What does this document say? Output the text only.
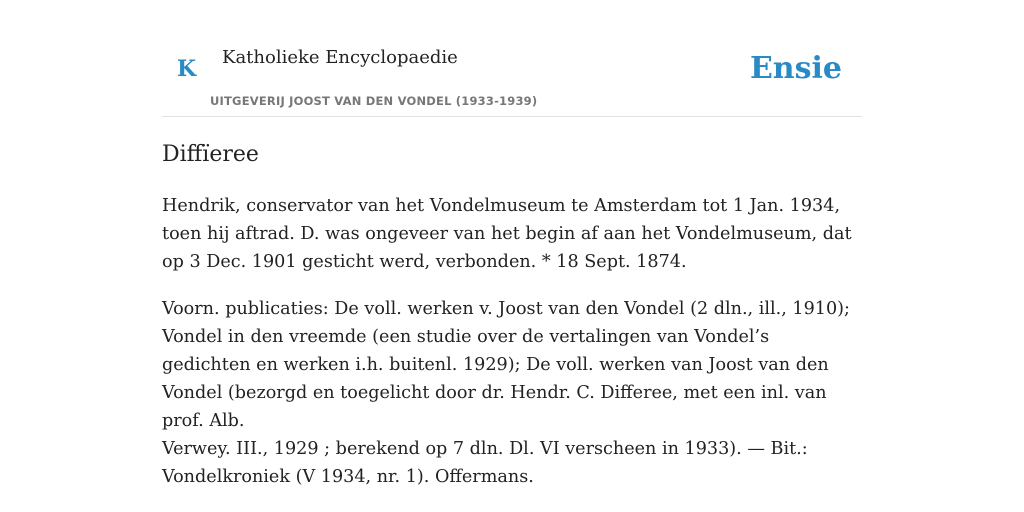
K Katholieke Encyclopaedie
UITGEVERIJ JOOST VAN DEN VONDEL (1933-1939)
Ensie
Diffïeree

Hendrik, conservator van het Vondelmuseum te Amsterdam tot 1 Jan. 1934, toen hij aftrad. D. was ongeveer van het begin af aan het Vondelmuseum, dat op 3 Dec. 1901 gesticht werd, verbonden. * 18 Sept. 1874.

Voorn. publicaties: De voll. werken v. Joost van den Vondel (2 dln., ill., 1910); Vondel in den vreemde (een studie over de vertalingen van Vondel’s gedichten en werken i.h. buitenl. 1929); De voll. werken van Joost van den Vondel (bezorgd en toegelicht door dr. Hendr. C. Differee, met een inl. van prof. Alb.

Verwey. III., 1929 ; berekend op 7 dln. Dl. VI verscheen in 1933). — Bit.: Vondelkroniek (V 1934, nr. 1). Offermans.
